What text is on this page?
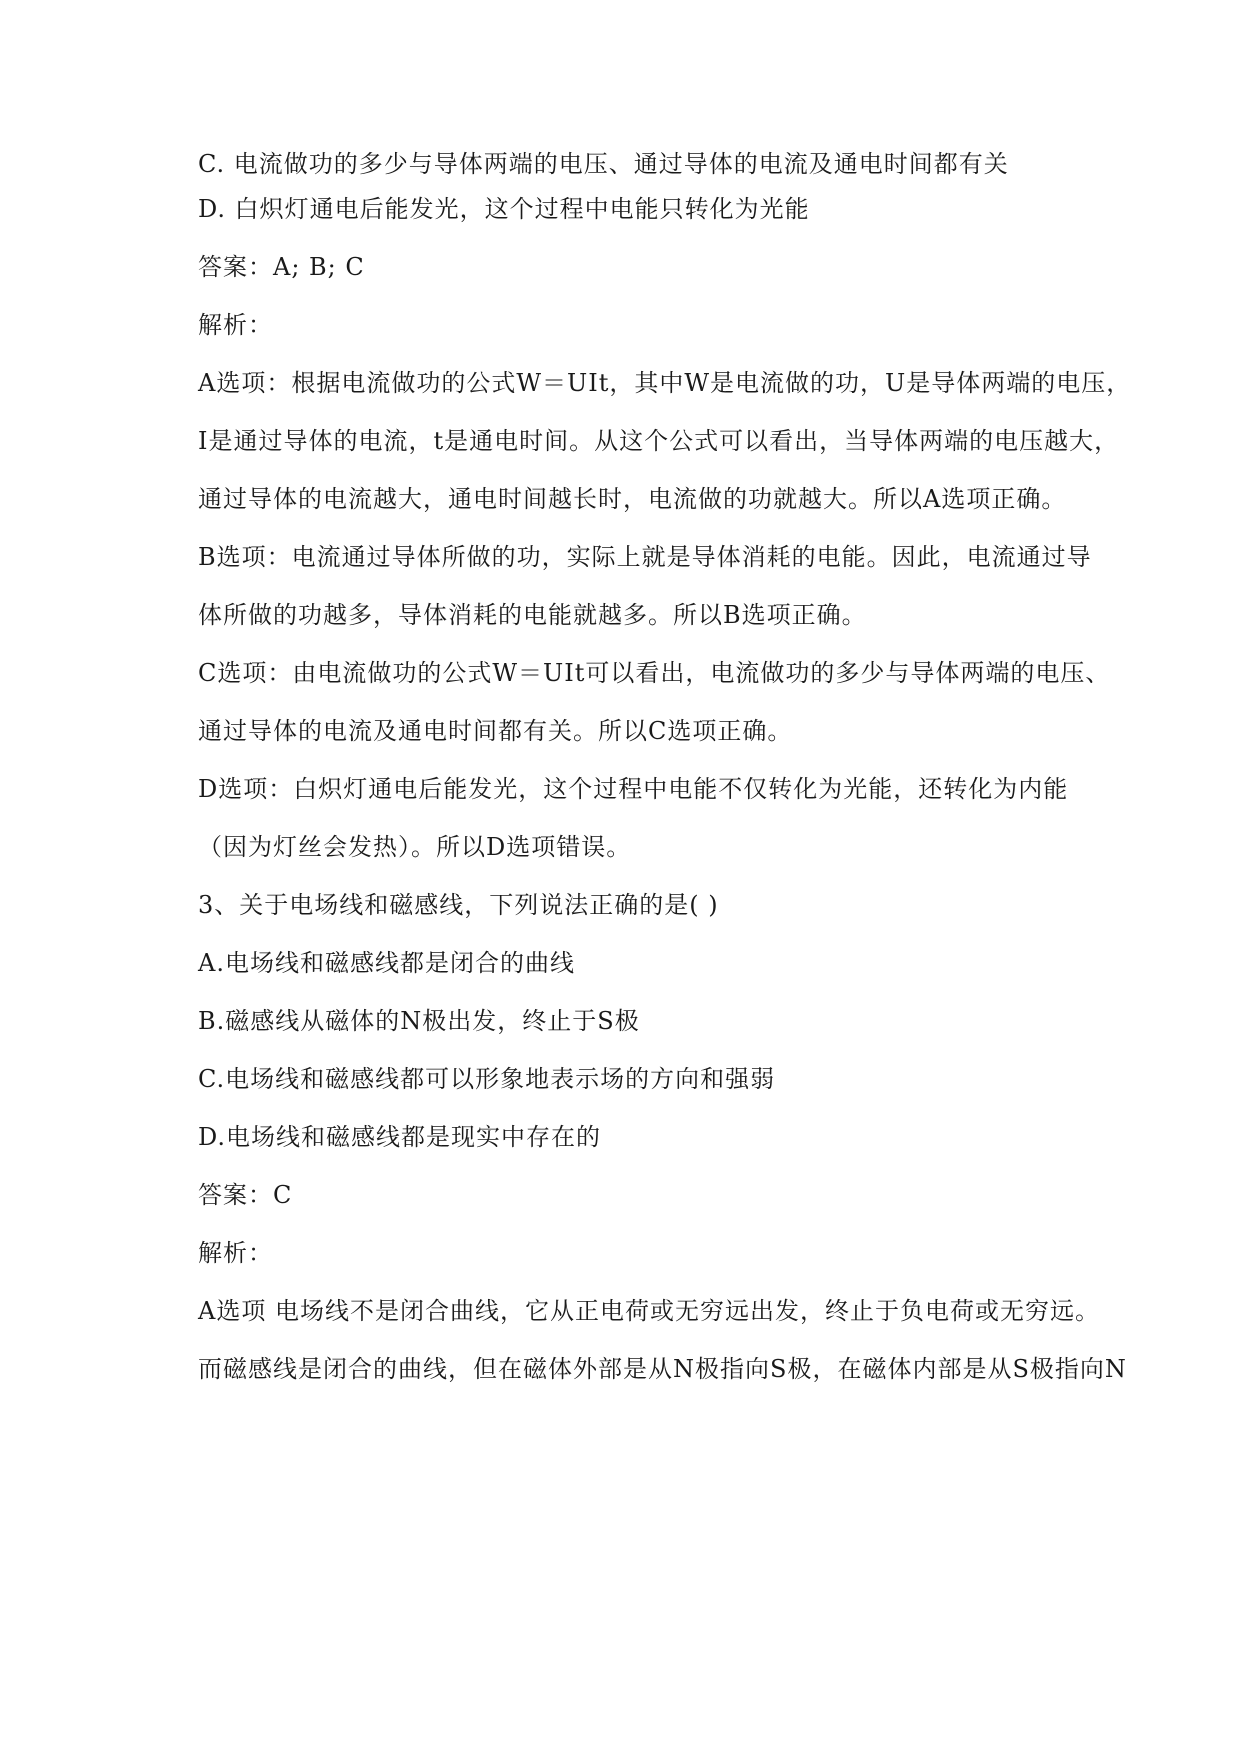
C. 电流做功的多少与导体两端的电压、通过导体的电流及通电时间都有关
D. 白炽灯通电后能发光，这个过程中电能只转化为光能
答案：A; B; C
解析：
A选项：根据电流做功的公式W＝UIt，其中W是电流做的功，U是导体两端的电压，
I是通过导体的电流，t是通电时间。从这个公式可以看出，当导体两端的电压越大，
通过导体的电流越大，通电时间越长时，电流做的功就越大。所以A选项正确。
B选项：电流通过导体所做的功，实际上就是导体消耗的电能。因此，电流通过导
体所做的功越多，导体消耗的电能就越多。所以B选项正确。
C选项：由电流做功的公式W＝UIt可以看出，电流做功的多少与导体两端的电压、
通过导体的电流及通电时间都有关。所以C选项正确。
D选项：白炽灯通电后能发光，这个过程中电能不仅转化为光能，还转化为内能
（因为灯丝会发热）。所以D选项错误。
3、关于电场线和磁感线，下列说法正确的是( )
A.电场线和磁感线都是闭合的曲线
B.磁感线从磁体的N极出发，终止于S极
C.电场线和磁感线都可以形象地表示场的方向和强弱
D.电场线和磁感线都是现实中存在的
答案：C
解析：
A选项 电场线不是闭合曲线，它从正电荷或无穷远出发，终止于负电荷或无穷远。
而磁感线是闭合的曲线，但在磁体外部是从N极指向S极，在磁体内部是从S极指向N
